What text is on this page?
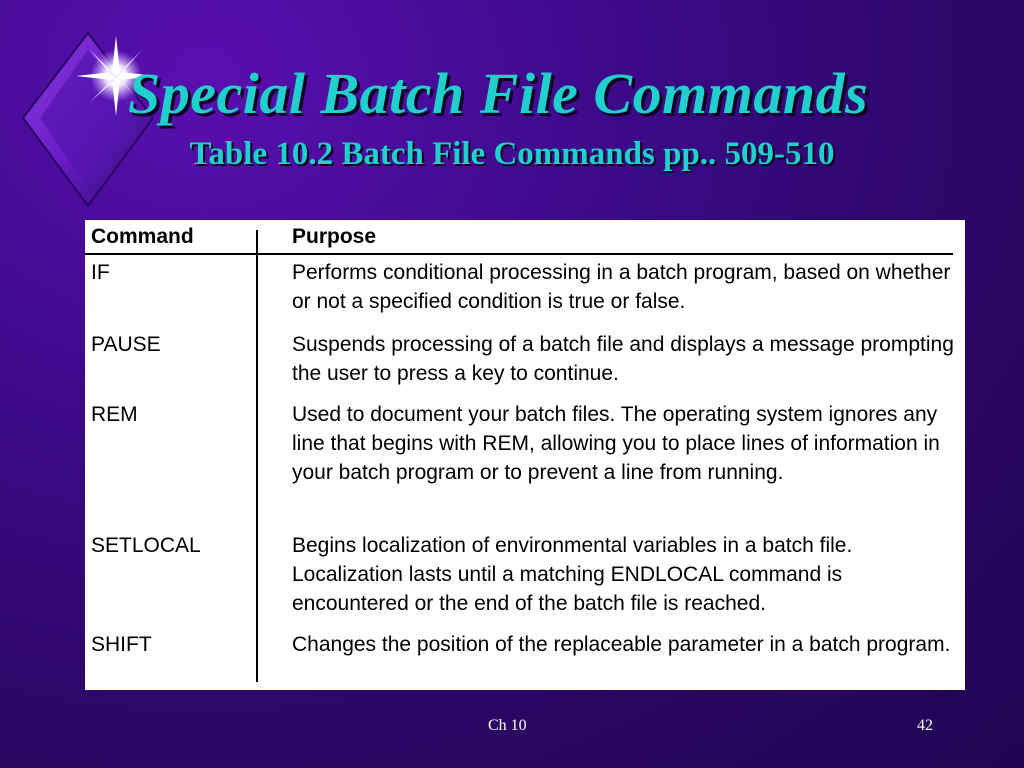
Special Batch File Commands
Table 10.2 Batch File Commands pp.. 509-510

Command	Purpose

IF	Performs conditional processing in a batch program, based on whether or not a specified condition is true or false.

PAUSE	Suspends processing of a batch file and displays a message prompting the user to press a key to continue.

REM	Used to document your batch files. The operating system ignores any line that begins with REM, allowing you to place lines of information in your batch program or to prevent a line from running.

SETLOCAL	Begins localization of environmental variables in a batch file. Localization lasts until a matching ENDLOCAL command is encountered or the end of the batch file is reached.

SHIFT	Changes the position of the replaceable parameter in a batch program.

Ch 10	42
